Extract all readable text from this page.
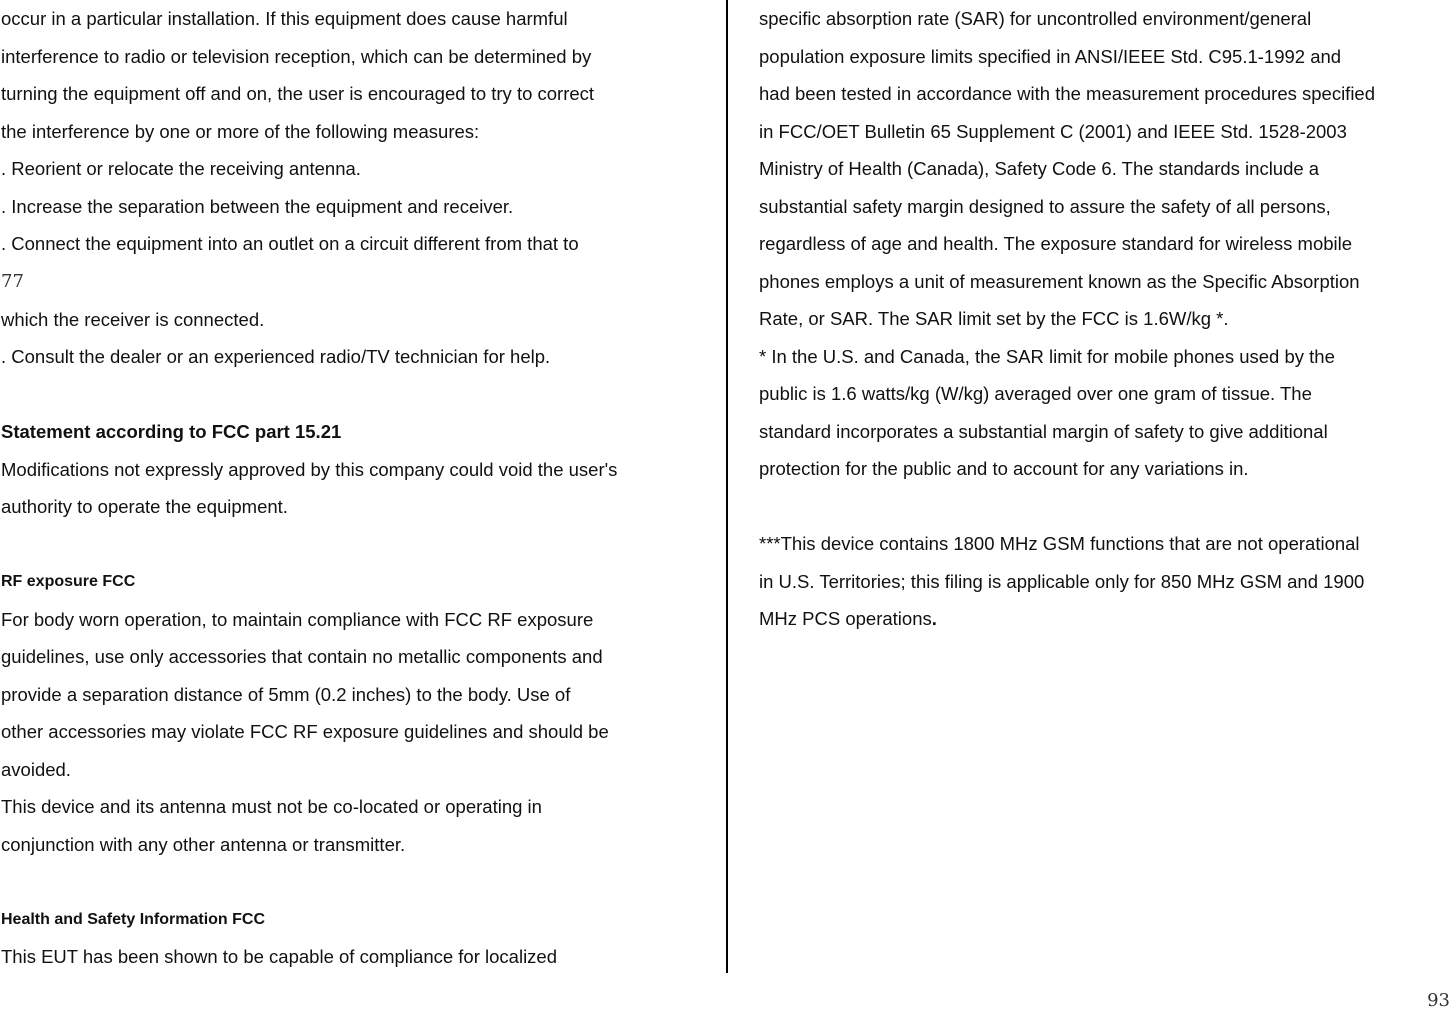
occur in a particular installation. If this equipment does cause harmful
interference to radio or television reception, which can be determined by
turning the equipment off and on, the user is encouraged to try to correct
the interference by one or more of the following measures:
. Reorient or relocate the receiving antenna.
. Increase the separation between the equipment and receiver.
. Connect the equipment into an outlet on a circuit different from that to
77
which the receiver is connected.
. Consult the dealer or an experienced radio/TV technician for help.
Statement according to FCC part 15.21
Modifications not expressly approved by this company could void the user's
authority to operate the equipment.
RF exposure FCC
For body worn operation, to maintain compliance with FCC RF exposure
guidelines, use only accessories that contain no metallic components and
provide a separation distance of 5mm (0.2 inches) to the body. Use of
other accessories may violate FCC RF exposure guidelines and should be
avoided.
This device and its antenna must not be co-located or operating in
conjunction with any other antenna or transmitter.
Health and Safety Information FCC
This EUT has been shown to be capable of compliance for localized
specific absorption rate (SAR) for uncontrolled environment/general
population exposure limits specified in ANSI/IEEE Std. C95.1-1992 and
had been tested in accordance with the measurement procedures specified
in FCC/OET Bulletin 65 Supplement C (2001) and IEEE Std. 1528-2003
Ministry of Health (Canada), Safety Code 6. The standards include a
substantial safety margin designed to assure the safety of all persons,
regardless of age and health. The exposure standard for wireless mobile
phones employs a unit of measurement known as the Specific Absorption
Rate, or SAR. The SAR limit set by the FCC is 1.6W/kg *.
* In the U.S. and Canada, the SAR limit for mobile phones used by the
public is 1.6 watts/kg (W/kg) averaged over one gram of tissue. The
standard incorporates a substantial margin of safety to give additional
protection for the public and to account for any variations in.
***This device contains 1800 MHz GSM functions that are not operational
in U.S. Territories; this filing is applicable only for 850 MHz GSM and 1900
MHz PCS operations.
93
